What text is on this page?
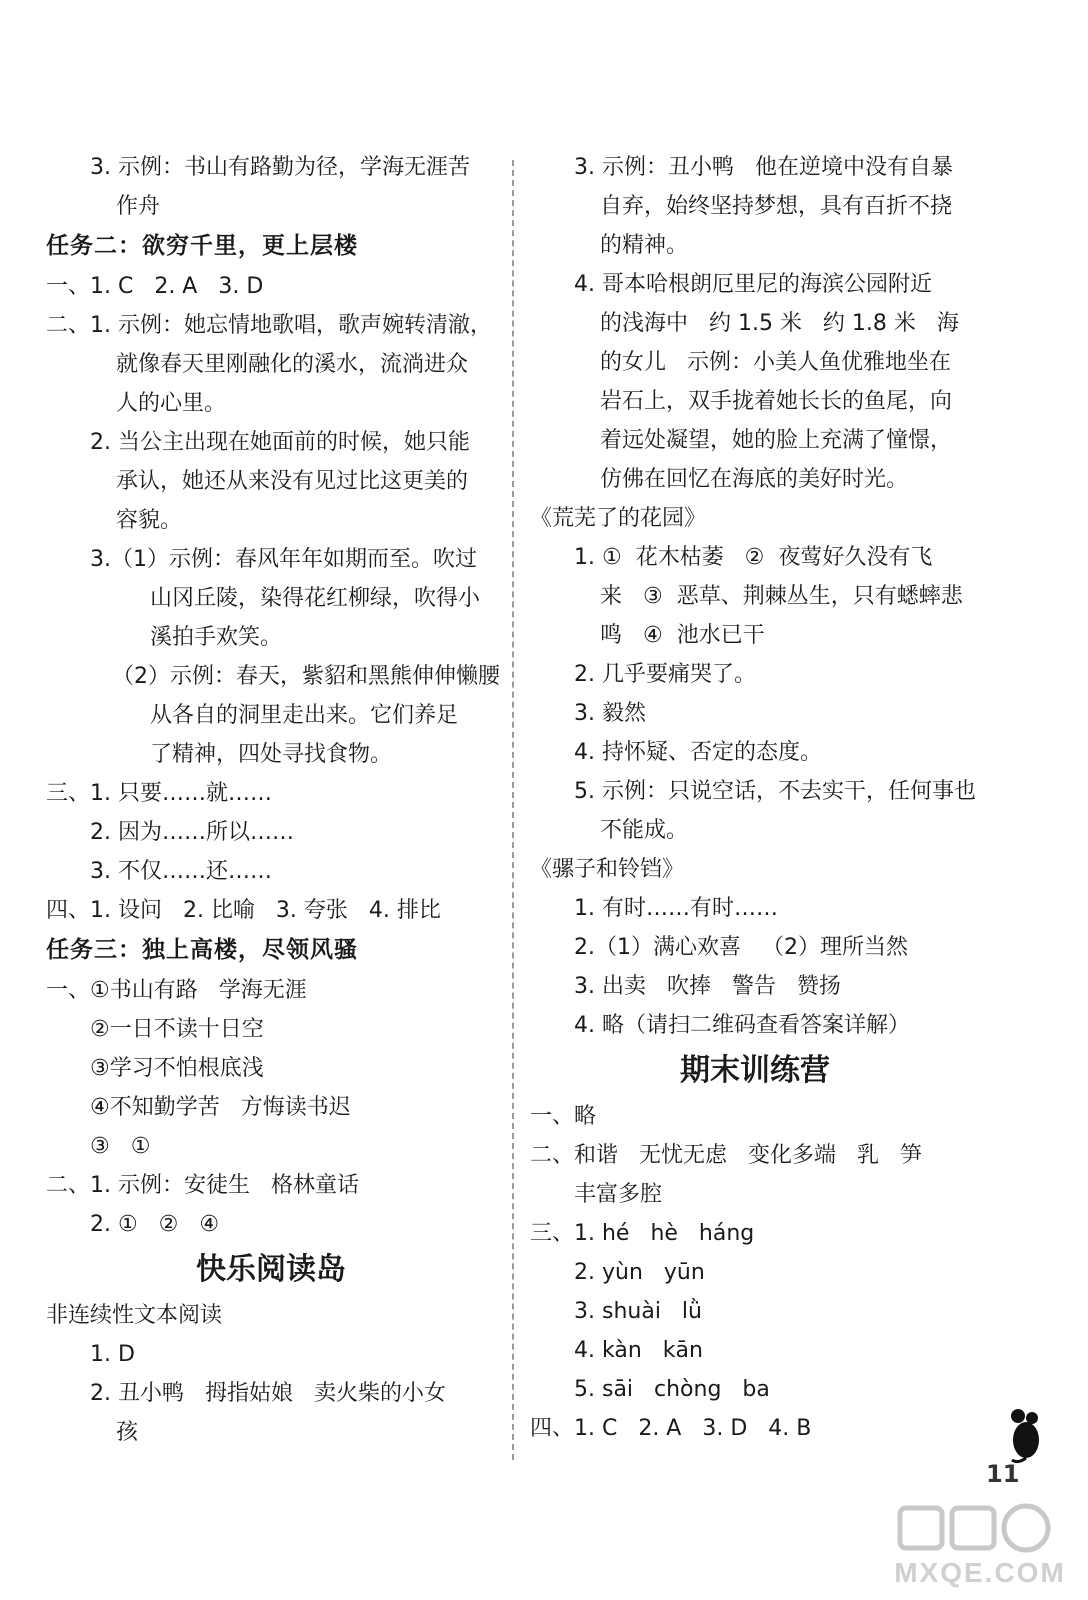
3. 示例：书山有路勤为径，学海无涯苦
作舟
任务二：欲穷千里，更上层楼
一、1. C   2. A   3. D
二、1. 示例：她忘情地歌唱，歌声婉转清澈，
就像春天里刚融化的溪水，流淌进众
人的心里。
2. 当公主出现在她面前的时候，她只能
承认，她还从来没有见过比这更美的
容貌。
3.（1）示例：春风年年如期而至。吹过
山冈丘陵，染得花红柳绿，吹得小
溪拍手欢笑。
（2）示例：春天，紫貂和黑熊伸伸懒腰
从各自的洞里走出来。它们养足
了精神，四处寻找食物。
三、1. 只要……就……
2. 因为……所以……
3. 不仅……还……
四、1. 设问   2. 比喻   3. 夸张   4. 排比
任务三：独上高楼，尽领风骚
一、①书山有路   学海无涯
②一日不读十日空
③学习不怕根底浅
④不知勤学苦   方悔读书迟
③   ①
二、1. 示例：安徒生   格林童话
2. ①   ②   ④
快乐阅读岛
非连续性文本阅读
1. D
2. 丑小鸭   拇指姑娘   卖火柴的小女
孩
3. 示例：丑小鸭   他在逆境中没有自暴
自弃，始终坚持梦想，具有百折不挠
的精神。
4. 哥本哈根朗厄里尼的海滨公园附近
的浅海中   约 1.5 米   约 1.8 米   海
的女儿   示例：小美人鱼优雅地坐在
岩石上，双手拢着她长长的鱼尾，向
着远处凝望，她的脸上充满了憧憬，
仿佛在回忆在海底的美好时光。
《荒芜了的花园》
1. ①  花木枯萎   ②  夜莺好久没有飞
来   ③  恶草、荆棘丛生，只有蟋蟀悲
鸣   ④  池水已干
2. 几乎要痛哭了。
3. 毅然
4. 持怀疑、否定的态度。
5. 示例：只说空话，不去实干，任何事也
不能成。
《骡子和铃铛》
1. 有时……有时……
2.（1）满心欢喜   （2）理所当然
3. 出卖   吹捧   警告   赞扬
4. 略（请扫二维码查看答案详解）
期末训练营
一、略
二、和谐   无忧无虑   变化多端   乳   笋
丰富多腔
三、1. hé   hè   háng
2. yùn   yūn
3. shuài   lǜ
4. kàn   kān
5. sāi   chòng   ba
四、1. C   2. A   3. D   4. B
11
MXQE.COM
